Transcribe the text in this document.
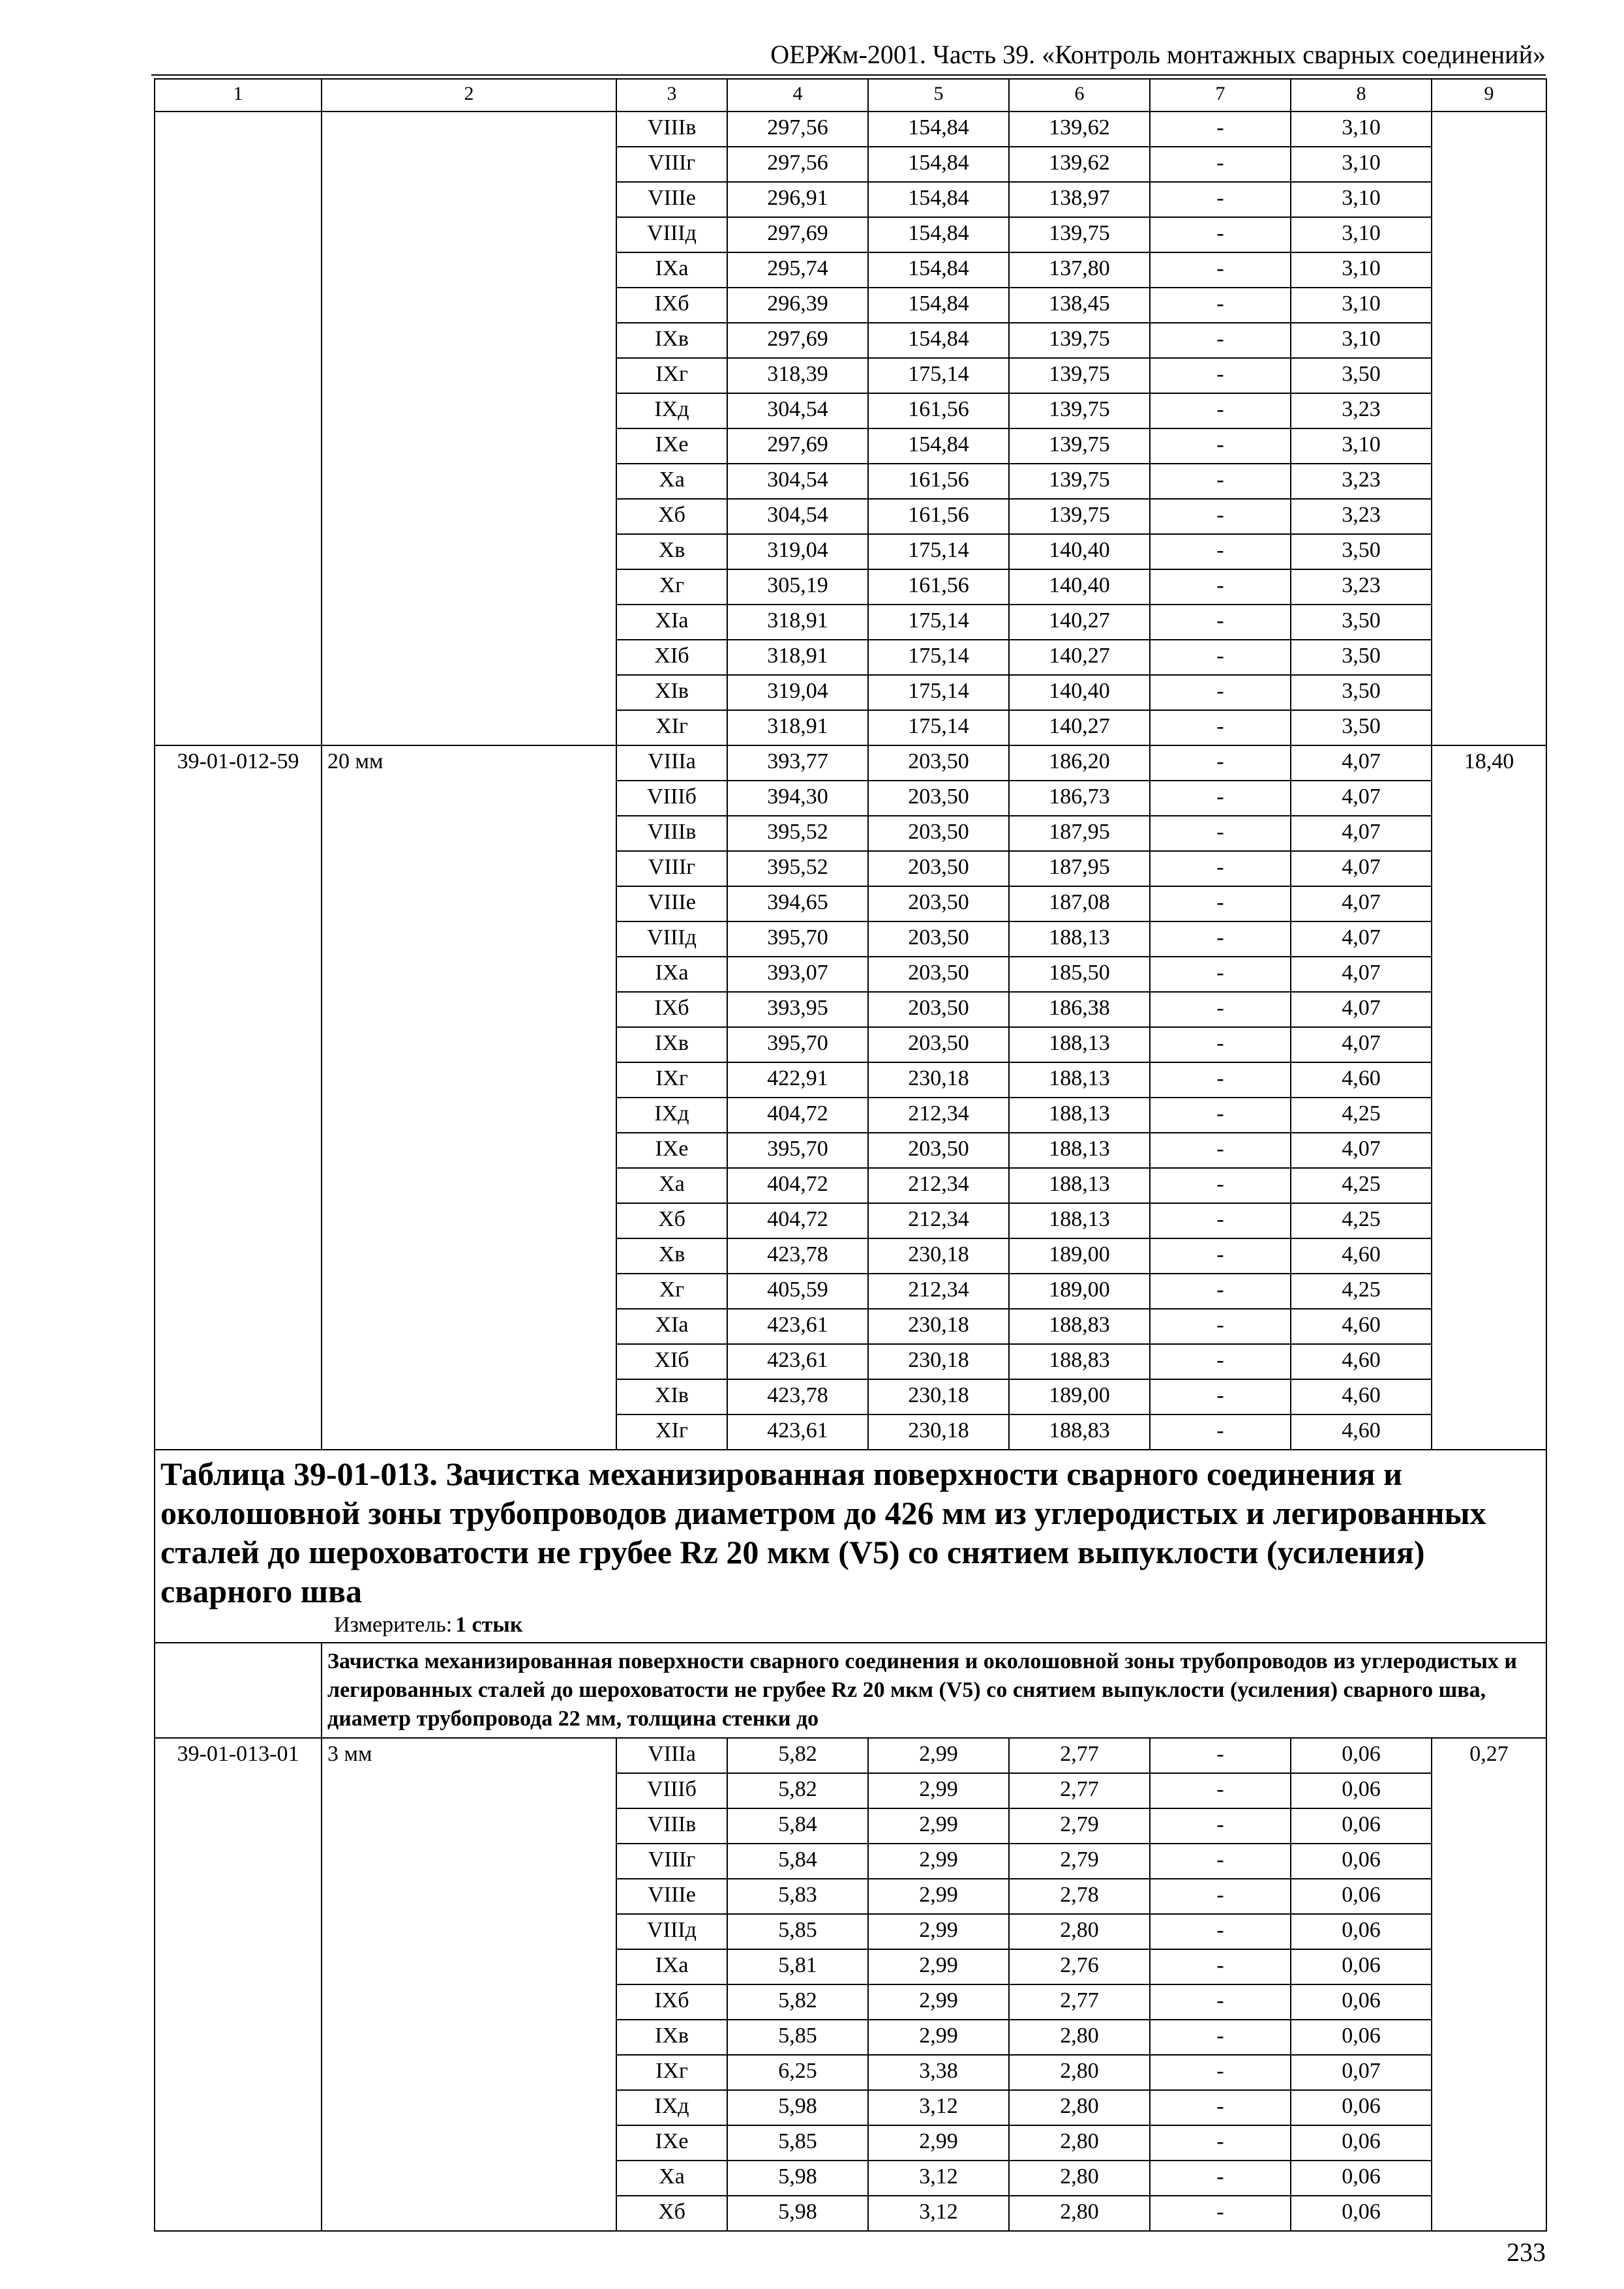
ОЕРЖм-2001. Часть 39. «Контроль монтажных сварных соединений»
1	2	3	4	5	6	7	8	9
		VIIIв	297,56	154,84	139,62	-	3,10	
		VIIIг	297,56	154,84	139,62	-	3,10	
		VIIIе	296,91	154,84	138,97	-	3,10	
		VIIIд	297,69	154,84	139,75	-	3,10	
		IXа	295,74	154,84	137,80	-	3,10	
		IXб	296,39	154,84	138,45	-	3,10	
		IXв	297,69	154,84	139,75	-	3,10	
		IXг	318,39	175,14	139,75	-	3,50	
		IXд	304,54	161,56	139,75	-	3,23	
		IXе	297,69	154,84	139,75	-	3,10	
		Xа	304,54	161,56	139,75	-	3,23	
		Xб	304,54	161,56	139,75	-	3,23	
		Xв	319,04	175,14	140,40	-	3,50	
		Xг	305,19	161,56	140,40	-	3,23	
		XIа	318,91	175,14	140,27	-	3,50	
		XIб	318,91	175,14	140,27	-	3,50	
		XIв	319,04	175,14	140,40	-	3,50	
		XIг	318,91	175,14	140,27	-	3,50	
39-01-012-59	20 мм	VIIIа	393,77	203,50	186,20	-	4,07	18,40
		VIIIб	394,30	203,50	186,73	-	4,07	
		VIIIв	395,52	203,50	187,95	-	4,07	
		VIIIг	395,52	203,50	187,95	-	4,07	
		VIIIе	394,65	203,50	187,08	-	4,07	
		VIIIд	395,70	203,50	188,13	-	4,07	
		IXа	393,07	203,50	185,50	-	4,07	
		IXб	393,95	203,50	186,38	-	4,07	
		IXв	395,70	203,50	188,13	-	4,07	
		IXг	422,91	230,18	188,13	-	4,60	
		IXд	404,72	212,34	188,13	-	4,25	
		IXе	395,70	203,50	188,13	-	4,07	
		Xа	404,72	212,34	188,13	-	4,25	
		Xб	404,72	212,34	188,13	-	4,25	
		Xв	423,78	230,18	189,00	-	4,60	
		Xг	405,59	212,34	189,00	-	4,25	
		XIа	423,61	230,18	188,83	-	4,60	
		XIб	423,61	230,18	188,83	-	4,60	
		XIв	423,78	230,18	189,00	-	4,60	
		XIг	423,61	230,18	188,83	-	4,60	

Таблица 39-01-013. Зачистка механизированная поверхности сварного соединения и околошовной зоны трубопроводов диаметром до 426 мм из углеродистых и легированных сталей до шероховатости не грубее Rz 20 мкм (V5) со снятием выпуклости (усиления) сварного шва
Измеритель: 1 стык								

	Зачистка механизированная поверхности сварного соединения и околошовной зоны трубопроводов из углеродистых и легированных сталей до шероховатости не грубее Rz 20 мкм (V5) со снятием выпуклости (усиления) сварного шва, диаметр трубопровода 22 мм, толщина стенки до							
39-01-013-01	3 мм	VIIIа	5,82	2,99	2,77	-	0,06	0,27
		VIIIб	5,82	2,99	2,77	-	0,06	
		VIIIв	5,84	2,99	2,79	-	0,06	
		VIIIг	5,84	2,99	2,79	-	0,06	
		VIIIе	5,83	2,99	2,78	-	0,06	
		VIIIд	5,85	2,99	2,80	-	0,06	
		IXа	5,81	2,99	2,76	-	0,06	
		IXб	5,82	2,99	2,77	-	0,06	
		IXв	5,85	2,99	2,80	-	0,06	
		IXг	6,25	3,38	2,80	-	0,07	
		IXд	5,98	3,12	2,80	-	0,06	
		IXе	5,85	2,99	2,80	-	0,06	
		Xа	5,98	3,12	2,80	-	0,06	
		Xб	5,98	3,12	2,80	-	0,06	
233
